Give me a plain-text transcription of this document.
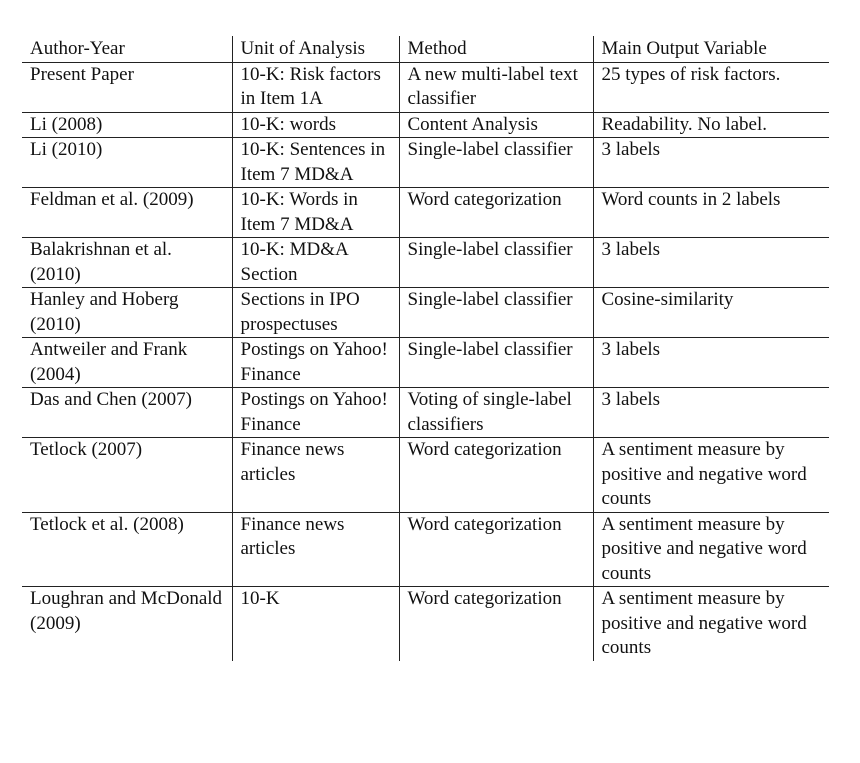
Author-Year	Unit of Analysis	Method	Main Output Variable
Present Paper	10-K: Risk factors in Item 1A	A new multi-label text classifier	25 types of risk factors.
Li (2008)	10-K: words	Content Analysis	Readability. No label.
Li (2010)	10-K: Sentences in Item 7 MD&A	Single-label classifier	3 labels
Feldman et al. (2009)	10-K: Words in Item 7 MD&A	Word categorization	Word counts in 2 labels
Balakrishnan et al. (2010)	10-K: MD&A Section	Single-label classifier	3 labels
Hanley and Hoberg (2010)	Sections in IPO prospectuses	Single-label classifier	Cosine-similarity
Antweiler and Frank (2004)	Postings on Yahoo! Finance	Single-label classifier	3 labels
Das and Chen (2007)	Postings on Yahoo! Finance	Voting of single-label classifiers	3 labels
Tetlock (2007)	Finance news articles	Word categorization	A sentiment measure by positive and negative word counts
Tetlock et al. (2008)	Finance news articles	Word categorization	A sentiment measure by positive and negative word counts
Loughran and McDonald (2009)	10-K	Word categorization	A sentiment measure by positive and negative word counts
